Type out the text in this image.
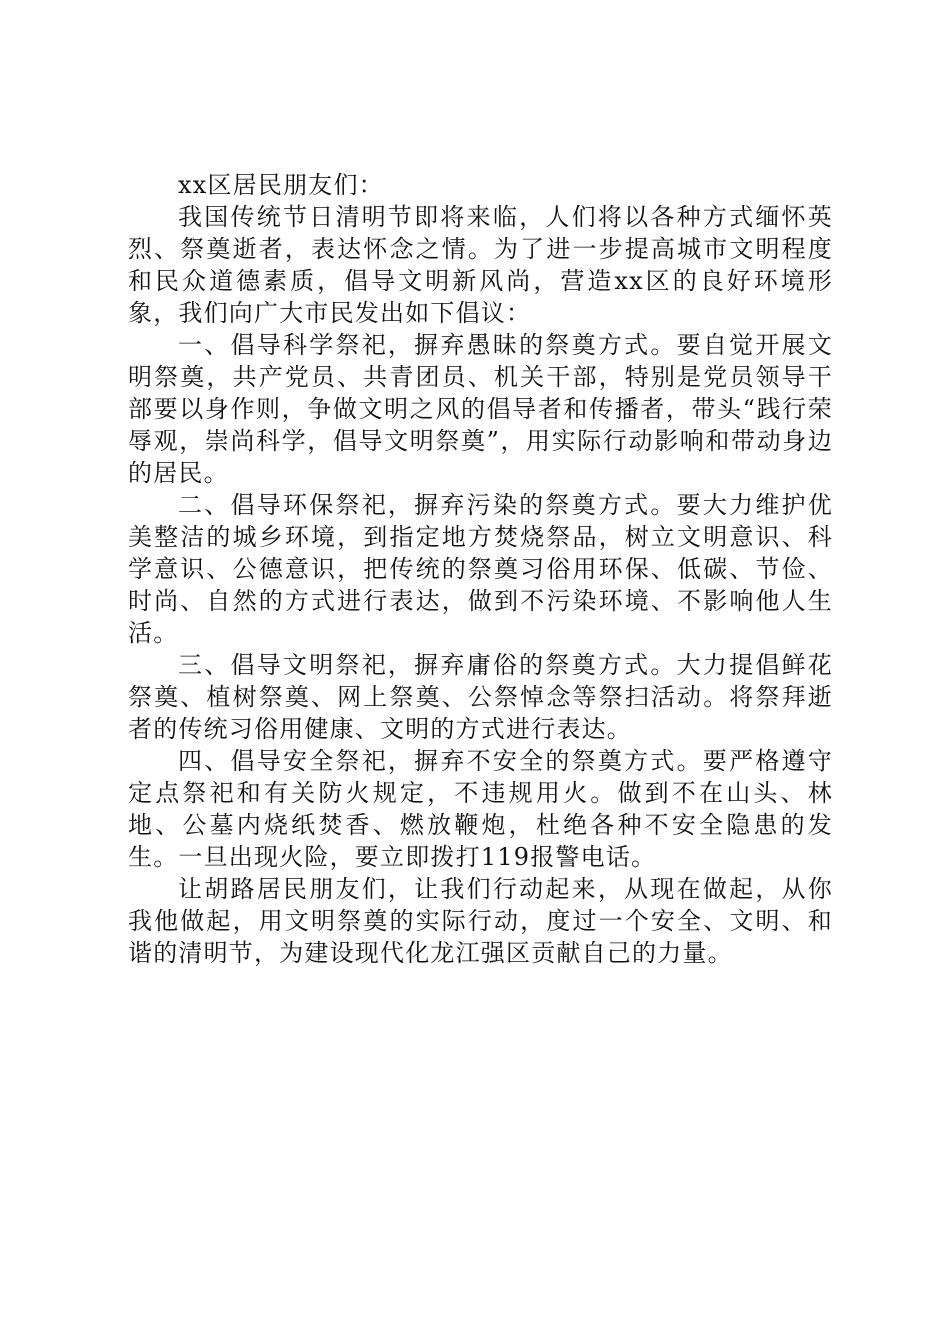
xx区居民朋友们：

我国传统节日清明节即将来临，人们将以各种方式缅怀英烈、祭奠逝者，表达怀念之情。为了进一步提高城市文明程度和民众道德素质，倡导文明新风尚，营造xx区的良好环境形象，我们向广大市民发出如下倡议：

一、倡导科学祭祀，摒弃愚昧的祭奠方式。要自觉开展文明祭奠，共产党员、共青团员、机关干部，特别是党员领导干部要以身作则，争做文明之风的倡导者和传播者，带头“践行荣辱观，崇尚科学，倡导文明祭奠”，用实际行动影响和带动身边的居民。

二、倡导环保祭祀，摒弃污染的祭奠方式。要大力维护优美整洁的城乡环境，到指定地方焚烧祭品，树立文明意识、科学意识、公德意识，把传统的祭奠习俗用环保、低碳、节俭、时尚、自然的方式进行表达，做到不污染环境、不影响他人生活。

三、倡导文明祭祀，摒弃庸俗的祭奠方式。大力提倡鲜花祭奠、植树祭奠、网上祭奠、公祭悼念等祭扫活动。将祭拜逝者的传统习俗用健康、文明的方式进行表达。

四、倡导安全祭祀，摒弃不安全的祭奠方式。要严格遵守定点祭祀和有关防火规定，不违规用火。做到不在山头、林地、公墓内烧纸焚香、燃放鞭炮，杜绝各种不安全隐患的发生。一旦出现火险，要立即拨打119报警电话。

让胡路居民朋友们，让我们行动起来，从现在做起，从你我他做起，用文明祭奠的实际行动，度过一个安全、文明、和谐的清明节，为建设现代化龙江强区贡献自己的力量。
